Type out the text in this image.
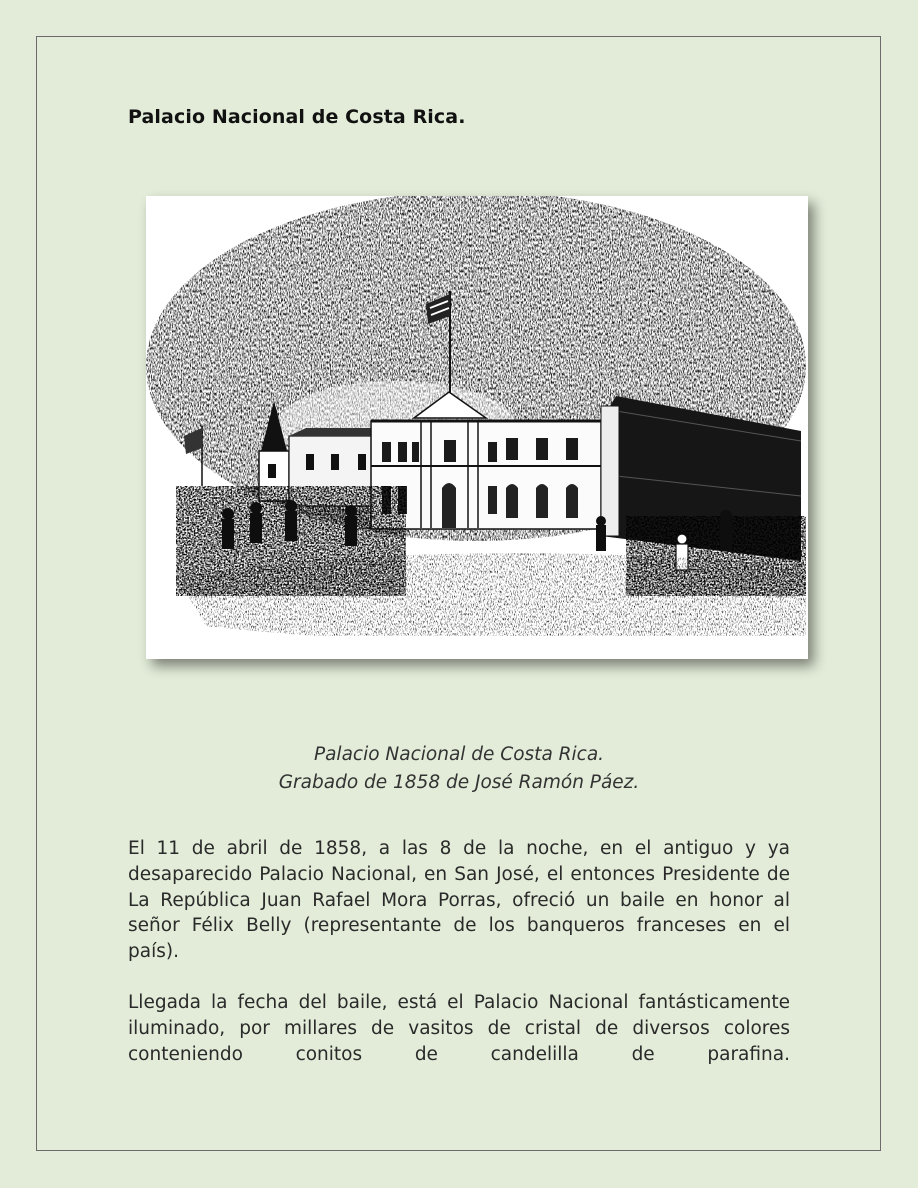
Palacio Nacional de Costa Rica.
Palacio Nacional de Costa Rica.
Grabado de 1858 de José Ramón Páez.
El 11 de abril de 1858, a las 8 de la noche, en el antiguo y ya desaparecido Palacio Nacional, en San José, el entonces Presidente de La República Juan Rafael Mora Porras, ofreció un baile en honor al señor Félix Belly (representante de los banqueros franceses en el país).
Llegada la fecha del baile, está el Palacio Nacional fantásticamente iluminado, por millares de vasitos de cristal de diversos colores conteniendo conitos de candelilla de parafina.
